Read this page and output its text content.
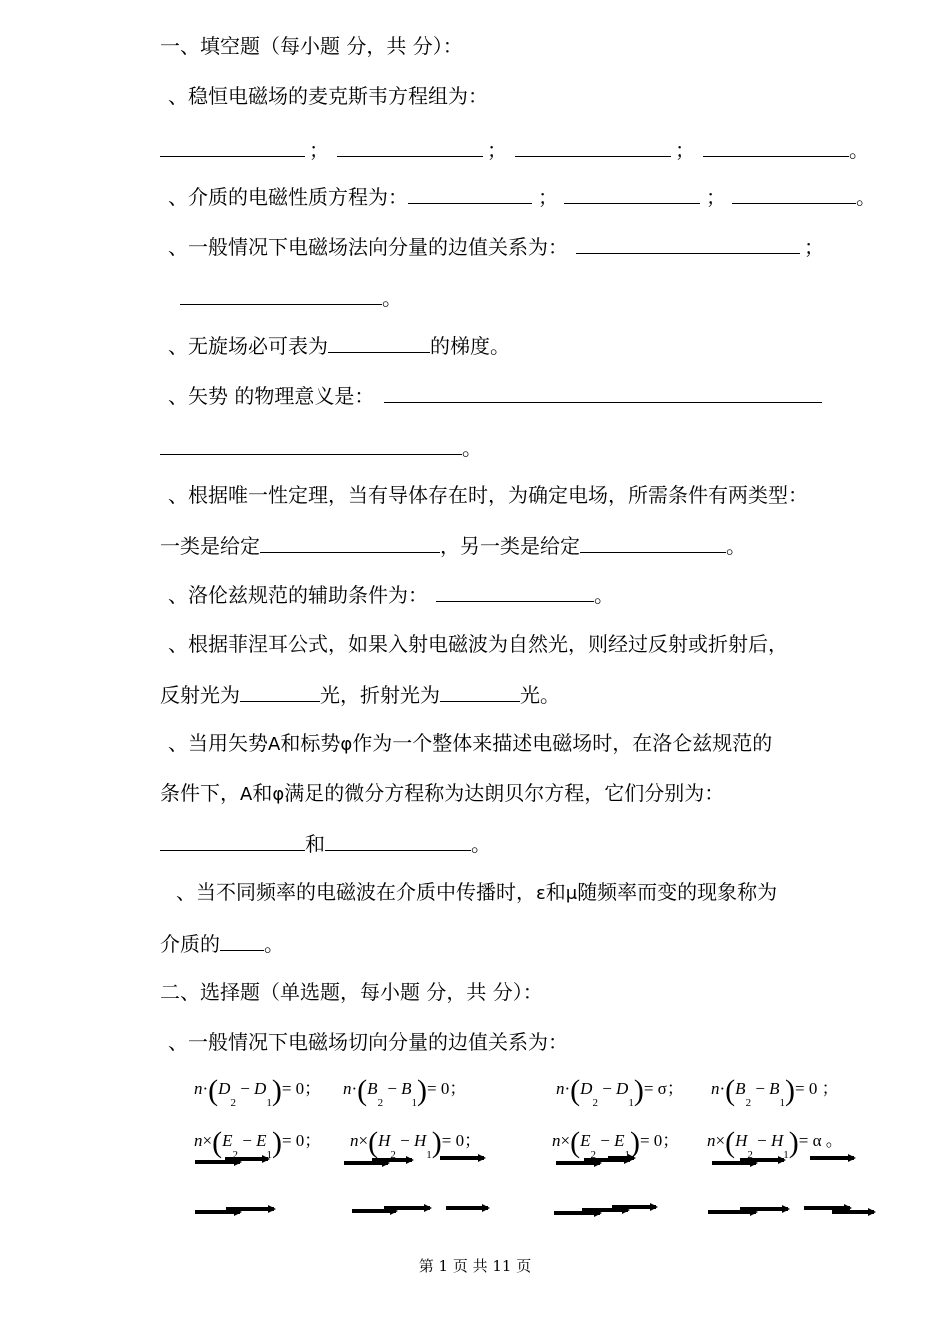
一、填空题（每小题 分，共 分）：
、稳恒电磁场的麦克斯韦方程组为：
；	；	；	。
、介质的电磁性质方程为：	；	；	。
、一般情况下电磁场法向分量的边值关系为：	；
。
、无旋场必可表为	的梯度。
、矢势 的物理意义是：
。
、根据唯一性定理，当有导体存在时，为确定电场，所需条件有两类型：
一类是给定	，另一类是给定	。
、洛伦兹规范的辅助条件为：	。
、根据菲涅耳公式，如果入射电磁波为自然光，则经过反射或折射后，
反射光为	光，折射光为	光。
、当用矢势A和标势φ作为一个整体来描述电磁场时，在洛仑兹规范的
条件下，A和φ满足的微分方程称为达朗贝尔方程，它们分别为：
和	。
、当不同频率的电磁波在介质中传播时，ε和μ随频率而变的现象称为
介质的 。
二、选择题（单选题，每小题 分，共 分）：
、一般情况下电磁场切向分量的边值关系为：
$n\cdot(D_2 - D_1)= 0$； $n\cdot(B_2 - B_1)= 0$；	$n\cdot(D_2 - D_1)= \sigma$； $n\cdot(B_2 - B_1)= 0$ ；
$n\times(E_2 - E_1)= 0$； $n\times(H_2 - H_1)= 0$；	$n\times(E_2 - E_1)= 0$； $n\times(H_2 - H_1)= \alpha$ 。
第 1 页 共 11 页
